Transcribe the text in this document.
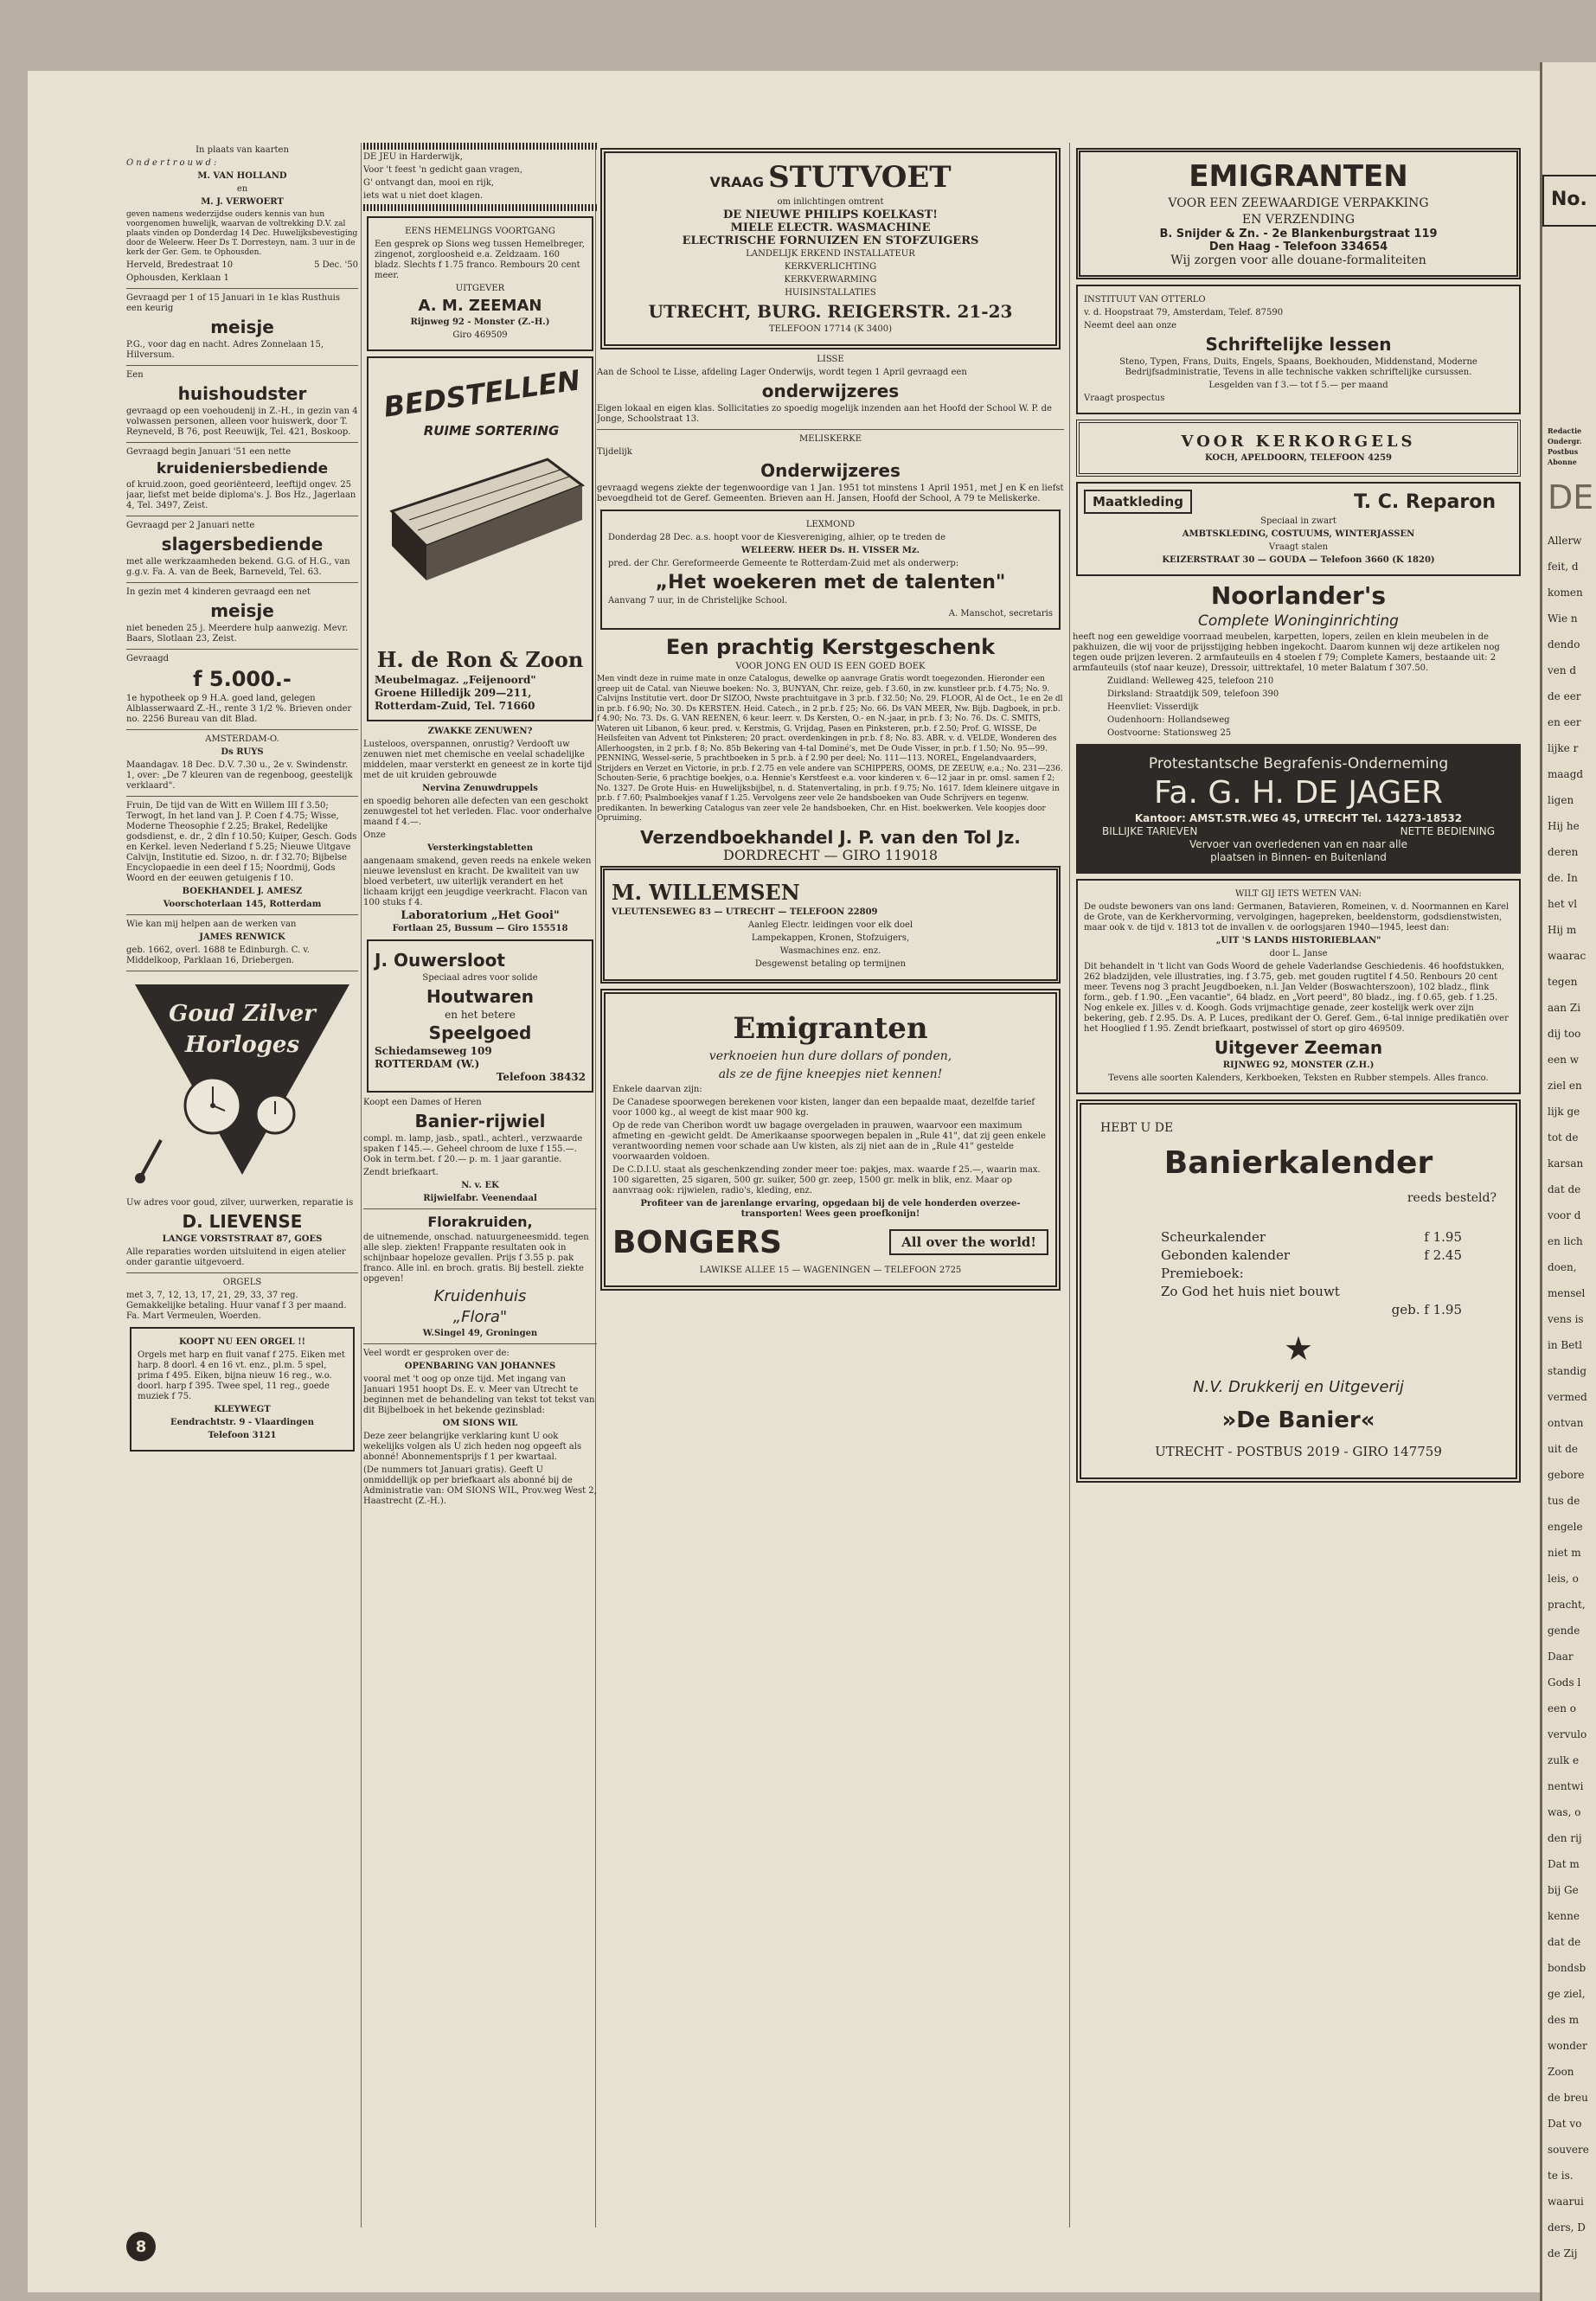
In plaats van kaarten
Ondertrouwd:
M. VAN HOLLAND
en
M. J. VERWOERT
geven namens wederzijdse ouders kennis van hun voorgenomen huwelijk, waarvan de voltrekking D.V. zal plaats vinden op Donderdag 14 Dec. Huwelijksbevestiging door de Weleerw. Heer Ds T. Dorresteyn, nam. 3 uur in de kerk der Ger. Gem. te Ophousden.
Herveld, Bredestraat 10	5 Dec. '50
Ophousden, Kerklaan 1
Gevraagd per 1 of 15 Januari in 1e klas Rusthuis een keurig
meisje
P.G., voor dag en nacht. Adres Zonnelaan 15, Hilversum.
Een
huishoudster
gevraagd op een voehoudenij in Z.-H., in gezin van 4 volwassen personen, alleen voor huiswerk, door T. Reyneveld, B 76, post Reeuwijk, Tel. 421, Boskoop.
Gevraagd begin Januari '51 een nette
kruideniersbediende
of kruid.zoon, goed georiënteerd, leeftijd ongev. 25 jaar, liefst met beide diploma's. J. Bos Hz., Jagerlaan 4, Tel. 3497, Zeist.
Gevraagd per 2 Januari nette
slagersbediende
met alle werkzaamheden bekend. G.G. of H.G., van g.g.v. Fa. A. van de Beek, Barneveld, Tel. 63.
In gezin met 4 kinderen gevraagd een net
meisje
niet beneden 25 j. Meerdere hulp aanwezig. Mevr. Baars, Slotlaan 23, Zeist.
Gevraagd
f 5.000.-
1e hypotheek op 9 H.A. goed land, gelegen Alblasserwaard Z.-H., rente 3 1/2 %. Brieven onder no. 2256 Bureau van dit Blad.
AMSTERDAM-O.
Ds RUYS
Maandagav. 18 Dec. D.V. 7.30 u., 2e v. Swindenstr. 1, over: „De 7 kleuren van de regenboog, geestelijk verklaard".
Fruin, De tijd van de Witt en Willem III f 3.50; Terwogt, In het land van J. P. Coen f 4.75; Wisse, Moderne Theosophie f 2.25; Brakel, Redelijke godsdienst, e. dr., 2 dln f 10.50; Kuiper, Gesch. Gods en Kerkel. leven Nederland f 5.25; Nieuwe Uitgave Calvijn, Institutie ed. Sizoo, n. dr. f 32.70; Bijbelse Encyclopaedie in een deel f 15; Noordmij, Gods Woord en der eeuwen getuigenis f 10.
BOEKHANDEL J. AMESZ
Voorschoterlaan 145, Rotterdam
Wie kan mij helpen aan de werken van
JAMES RENWICK
geb. 1662, overl. 1688 te Edinburgh. C. v. Middelkoop, Parklaan 16, Driebergen.
Goud Zilver
Horloges
Uw adres voor goud, zilver, uurwerken, reparatie is
D. LIEVENSE
LANGE VORSTSTRAAT 87, GOES
Alle reparaties worden uitsluitend in eigen atelier onder garantie uitgevoerd.
ORGELS
met 3, 7, 12, 13, 17, 21, 29, 33, 37 reg. Gemakkelijke betaling. Huur vanaf f 3 per maand. Fa. Mart Vermeulen, Woerden.
KOOPT NU EEN ORGEL !!
Orgels met harp en fluit vanaf f 275. Eiken met harp. 8 doorl. 4 en 16 vt. enz., pl.m. 5 spel, prima f 495. Eiken, bijna nieuw 16 reg., w.o. doorl. harp f 395. Twee spel, 11 reg., goede muziek f 75.
KLEYWEGT
Eendrachtstr. 9 - Vlaardingen
Telefoon 3121
DE JEU in Harderwijk,
Voor 't feest 'n gedicht gaan vragen,
G' ontvangt dan, mooi en rijk,
iets wat u niet doet klagen.
EENS HEMELINGS VOORTGANG
Een gesprek op Sions weg tussen Hemelbreger, zingenot, zorgloosheid e.a. Zeldzaam. 160 bladz. Slechts f 1.75 franco. Rembours 20 cent meer.
UITGEVER
A. M. ZEEMAN
Rijnweg 92 - Monster (Z.-H.)
Giro 469509
BEDSTELLEN
RUIME SORTERING
H. de Ron & Zoon
Meubelmagaz. „Feijenoord"
Groene Hilledijk 209—211,
Rotterdam-Zuid, Tel. 71660
ZWAKKE ZENUWEN?
Lusteloos, overspannen, onrustig? Verdooft uw zenuwen niet met chemische en veelal schadelijke middelen, maar versterkt en geneest ze in korte tijd met de uit kruiden gebrouwde
Nervina Zenuwdruppels
en spoedig behoren alle defecten van een geschokt zenuwgestel tot het verleden. Flac. voor onderhalve maand f 4.—.
Onze
Versterkingstabletten
aangenaam smakend, geven reeds na enkele weken nieuwe levenslust en kracht. De kwaliteit van uw bloed verbetert, uw uiterlijk verandert en het lichaam krijgt een jeugdige veerkracht. Flacon van 100 stuks f 4.
Laboratorium „Het Gooi"
Fortlaan 25, Bussum — Giro 155518
J. Ouwersloot
Speciaal adres voor solide
Houtwaren
en het betere
Speelgoed
Schiedamseweg 109
ROTTERDAM (W.)
Telefoon 38432
Koopt een Dames of Heren
Banier-rijwiel
compl. m. lamp, jasb., spatl., achterl., verzwaarde spaken f 145.—. Geheel chroom de luxe f 155.—. Ook in term.bet. f 20.— p. m. 1 jaar garantie.
Zendt briefkaart.
N. v. EK
Rijwielfabr. Veenendaal
Florakruiden,
de uitnemende, onschad. natuurgeneesmidd. tegen alle slep. ziekten! Frappante resultaten ook in schijnbaar hopeloze gevallen. Prijs f 3.55 p. pak franco. Alle inl. en broch. gratis. Bij bestell. ziekte opgeven!
Kruidenhuis
„Flora"
W.Singel 49, Groningen
Veel wordt er gesproken over de:
OPENBARING VAN JOHANNES
vooral met 't oog op onze tijd. Met ingang van Januari 1951 hoopt Ds. E. v. Meer van Utrecht te beginnen met de behandeling van tekst tot tekst van dit Bijbelboek in het bekende gezinsblad:
OM SIONS WIL
Deze zeer belangrijke verklaring kunt U ook wekelijks volgen als U zich heden nog opgeeft als abonné! Abonnementsprijs f 1 per kwartaal.
(De nummers tot Januari gratis). Geeft U onmiddellijk op per briefkaart als abonné bij de Administratie van: OM SIONS WIL, Prov.weg West 2, Haastrecht (Z.-H.).
VRAAG STUTVOET
om inlichtingen omtrent
DE NIEUWE PHILIPS KOELKAST!
MIELE ELECTR. WASMACHINE
ELECTRISCHE FORNUIZEN EN STOFZUIGERS
LANDELIJK ERKEND INSTALLATEUR
KERKVERLICHTING
KERKVERWARMING
HUISINSTALLATIES
UTRECHT, BURG. REIGERSTR. 21-23
TELEFOON 17714 (K 3400)
LISSE
Aan de School te Lisse, afdeling Lager Onderwijs, wordt tegen 1 April gevraagd een
onderwijzeres
Eigen lokaal en eigen klas. Sollicitaties zo spoedig mogelijk inzenden aan het Hoofd der School W. P. de Jonge, Schoolstraat 13.
MELISKERKE
Tijdelijk
Onderwijzeres
gevraagd wegens ziekte der tegenwoordige van 1 Jan. 1951 tot minstens 1 April 1951, met J en K en liefst bevoegdheid tot de Geref. Gemeenten. Brieven aan H. Jansen, Hoofd der School, A 79 te Meliskerke.
LEXMOND
Donderdag 28 Dec. a.s. hoopt voor de Kiesvereniging, alhier, op te treden de
WELEERW. HEER Ds. H. VISSER Mz.
pred. der Chr. Gereformeerde Gemeente te Rotterdam-Zuid met als onderwerp:
„Het woekeren met de talenten"
Aanvang 7 uur, in de Christelijke School.
A. Manschot, secretaris
Een prachtig Kerstgeschenk
VOOR JONG EN OUD IS EEN GOED BOEK
Men vindt deze in ruime mate in onze Catalogus, dewelke op aanvrage Gratis wordt toegezonden. Hieronder een greep uit de Catal. van Nieuwe boeken: No. 3, BUNYAN, Chr. reize, geb. f 3.60, in zw. kunstleer pr.b. f 4.75; No. 9. Calvijns Institutie vert. door Dr SIZOO, Nwste prachtuitgave in 3 pr.b. f 32.50; No. 29. FLOOR, Al de Oct., 1e en 2e dl in pr.b. f 6.90; No. 30. Ds KERSTEN. Heid. Catech., in 2 pr.b. f 25; No. 66. Ds VAN MEER, Nw. Bijb. Dagboek, in pr.b. f 4.90; No. 73. Ds. G. VAN REENEN, 6 keur. leerr. v. Ds Kersten, O.- en N.-jaar, in pr.b. f 3; No. 76. Ds. C. SMITS, Wateren uit Libanon, 6 keur. pred. v. Kerstmis, G. Vrijdag, Pasen en Pinksteren, pr.b. f 2.50; Prof. G. WISSE, De Heilsfeiten van Advent tot Pinksteren; 20 pract. overdenkingen in pr.b. f 8; No. 83. ABR. v. d. VELDE, Wonderen des Allerhoogsten, in 2 pr.b. f 8; No. 85b Bekering van 4-tal Dominé's, met De Oude Visser, in pr.b. f 1.50; No. 95—99. PENNING, Wessel-serie, 5 prachtboeken in 5 pr.b. à f 2.90 per deel; No. 111—113. NOREL, Engelandvaarders, Strijders en Verzet en Victorie, in pr.b. f 2.75 en vele andere van SCHIPPERS, OOMS, DE ZEEUW, e.a.; No. 231—236. Schouten-Serie, 6 prachtige boekjes, o.a. Hennie's Kerstfeest e.a. voor kinderen v. 6—12 jaar in pr. omsl. samen f 2; No. 1327. De Grote Huis- en Huwelijksbijbel, n. d. Statenvertaling, in pr.b. f 9.75; No. 1617. Idem kleinere uitgave in pr.b. f 7.60; Psalmboekjes vanaf f 1.25. Vervolgens zeer vele 2e handsboeken van Oude Schrijvers en tegenw. predikanten. In bewerking Catalogus van zeer vele 2e handsboeken, Chr. en Hist. boekwerken. Vele koopjes door Opruiming.
Verzendboekhandel J. P. van den Tol Jz.
DORDRECHT — GIRO 119018
M. WILLEMSEN
VLEUTENSEWEG 83 — UTRECHT — TELEFOON 22809
Aanleg Electr. leidingen voor elk doel
Lampekappen, Kronen, Stofzuigers,
Wasmachines enz. enz.
Desgewenst betaling op termijnen
Emigranten
verknoeien hun dure dollars of ponden,
als ze de fijne kneepjes niet kennen!
Enkele daarvan zijn:
De Canadese spoorwegen berekenen voor kisten, langer dan een bepaalde maat, dezelfde tarief voor 1000 kg., al weegt de kist maar 900 kg.
Op de rede van Cheribon wordt uw bagage overgeladen in prauwen, waarvoor een maximum afmeting en -gewicht geldt. De Amerikaanse spoorwegen bepalen in „Rule 41", dat zij geen enkele verantwoording nemen voor schade aan Uw kisten, als zij niet aan de in „Rule 41" gestelde voorwaarden voldoen.
De C.D.I.U. staat als geschenkzending zonder meer toe: pakjes, max. waarde f 25.—, waarin max. 100 sigaretten, 25 sigaren, 500 gr. suiker, 500 gr. zeep, 1500 gr. melk in blik, enz. Maar op aanvraag ook: rijwielen, radio's, kleding, enz.
Profiteer van de jarenlange ervaring, opgedaan bij de vele honderden overzee-transporten! Wees geen proefkonijn!
BONGERS	All over the world!
LAWIKSE ALLEE 15 — WAGENINGEN — TELEFOON 2725
EMIGRANTEN
VOOR EEN ZEEWAARDIGE VERPAKKING
EN VERZENDING
B. Snijder & Zn. - 2e Blankenburgstraat 119
Den Haag - Telefoon 334654
Wij zorgen voor alle douane-formaliteiten
INSTITUUT VAN OTTERLO
v. d. Hoopstraat 79, Amsterdam, Telef. 87590
Neemt deel aan onze
Schriftelijke lessen
Steno, Typen, Frans, Duits, Engels, Spaans, Boekhouden, Middenstand, Moderne Bedrijfsadministratie, Tevens in alle technische vakken schriftelijke cursussen.
Lesgelden van f 3.— tot f 5.— per maand
Vraagt prospectus
VOOR KERKORGELS
KOCH, APELDOORN, TELEFOON 4259
Maatkleding	T. C. Reparon
Speciaal in zwart
AMBTSKLEDING, COSTUUMS, WINTERJASSEN
Vraagt stalen
KEIZERSTRAAT 30 — GOUDA — Telefoon 3660 (K 1820)
Noorlander's
Complete Woninginrichting
heeft nog een geweldige voorraad meubelen, karpetten, lopers, zeilen en klein meubelen in de pakhuizen, die wij voor de prijsstijging hebben ingekocht. Daarom kunnen wij deze artikelen nog tegen oude prijzen leveren. 2 armfauteuils en 4 stoelen f 79; Complete Kamers, bestaande uit: 2 armfauteuils (stof naar keuze), Dressoir, uittrektafel, 10 meter Balatum f 307.50.
Zuidland: Welleweg 425, telefoon 210
Dirksland: Straatdijk 509, telefoon 390
Heenvliet: Visserdijk
Oudenhoorn: Hollandseweg
Oostvoorne: Stationsweg 25
Protestantsche Begrafenis-Onderneming
Fa. G. H. DE JAGER
Kantoor: AMST.STR.WEG 45, UTRECHT Tel. 14273-18532
BILLIJKE TARIEVEN	NETTE BEDIENING
Vervoer van overledenen van en naar alle
plaatsen in Binnen- en Buitenland
WILT GIJ IETS WETEN VAN:
De oudste bewoners van ons land: Germanen, Batavieren, Romeinen, v. d. Noormannen en Karel de Grote, van de Kerkhervorming, vervolgingen, hagepreken, beeldenstorm, godsdienstwisten, maar ook v. de tijd v. 1813 tot de invallen v. de oorlogsjaren 1940—1945, leest dan:
„UIT 'S LANDS HISTORIEBLAAN"
door L. Janse
Dit behandelt in 't licht van Gods Woord de gehele Vaderlandse Geschiedenis. 46 hoofdstukken, 262 bladzijden, vele illustraties, ing. f 3.75, geb. met gouden rugtitel f 4.50. Renbours 20 cent meer. Tevens nog 3 pracht Jeugdboeken, n.l. Jan Velder (Boswachterszoon), 102 bladz., flink form., geb. f 1.90. „Een vacantie", 64 bladz. en „Vort peerd", 80 bladz., ing. f 0.65, geb. f 1.25. Nog enkele ex. Jilles v. d. Koogh. Gods vrijmachtige genade, zeer kostelijk werk over zijn bekering, geb. f 2.95. Ds. A. P. Luces, predikant der O. Geref. Gem., 6-tal innige predikatiën over het Hooglied f 1.95. Zendt briefkaart, postwissel of stort op giro 469509.
Uitgever Zeeman
RIJNWEG 92, MONSTER (Z.H.)
Tevens alle soorten Kalenders, Kerkboeken, Teksten en Rubber stempels. Alles franco.
HEBT U DE
Banierkalender
reeds besteld?
Scheurkalender	f 1.95
Gebonden kalender	f 2.45
Premieboek:
Zo God het huis niet bouwt
geb. f 1.95
★
N.V. Drukkerij en Uitgeverij
»De Banier«
UTRECHT - POSTBUS 2019 - GIRO 147759
8
No.
Redactie
Ondergr.
Postbus
Abonne
DE
Allerw
feit, d
komen
Wie n
dendo
ven d
de eer
en eer
lijke r
maagd
ligen
Hij he
deren
de. In
het vl
Hij m
waarac
tegen
aan Zi
dij too
een w
ziel en
lijk ge
tot de
karsan
dat de
voor d
en lich
doen,
mensel
vens is
in Betl
standig
vermed
ontvan
uit de
gebore
tus de
engele
niet m
leis, o
pracht,
gende
Daar
Gods l
een o
vervulo
zulk e
nentwi
was, o
den rij
Dat m
bij Ge
kenne
dat de
bondsb
ge ziel,
des m
wonder
Zoon
de breu
Dat vo
souvere
te is.
waarui
ders, D
de Zij
